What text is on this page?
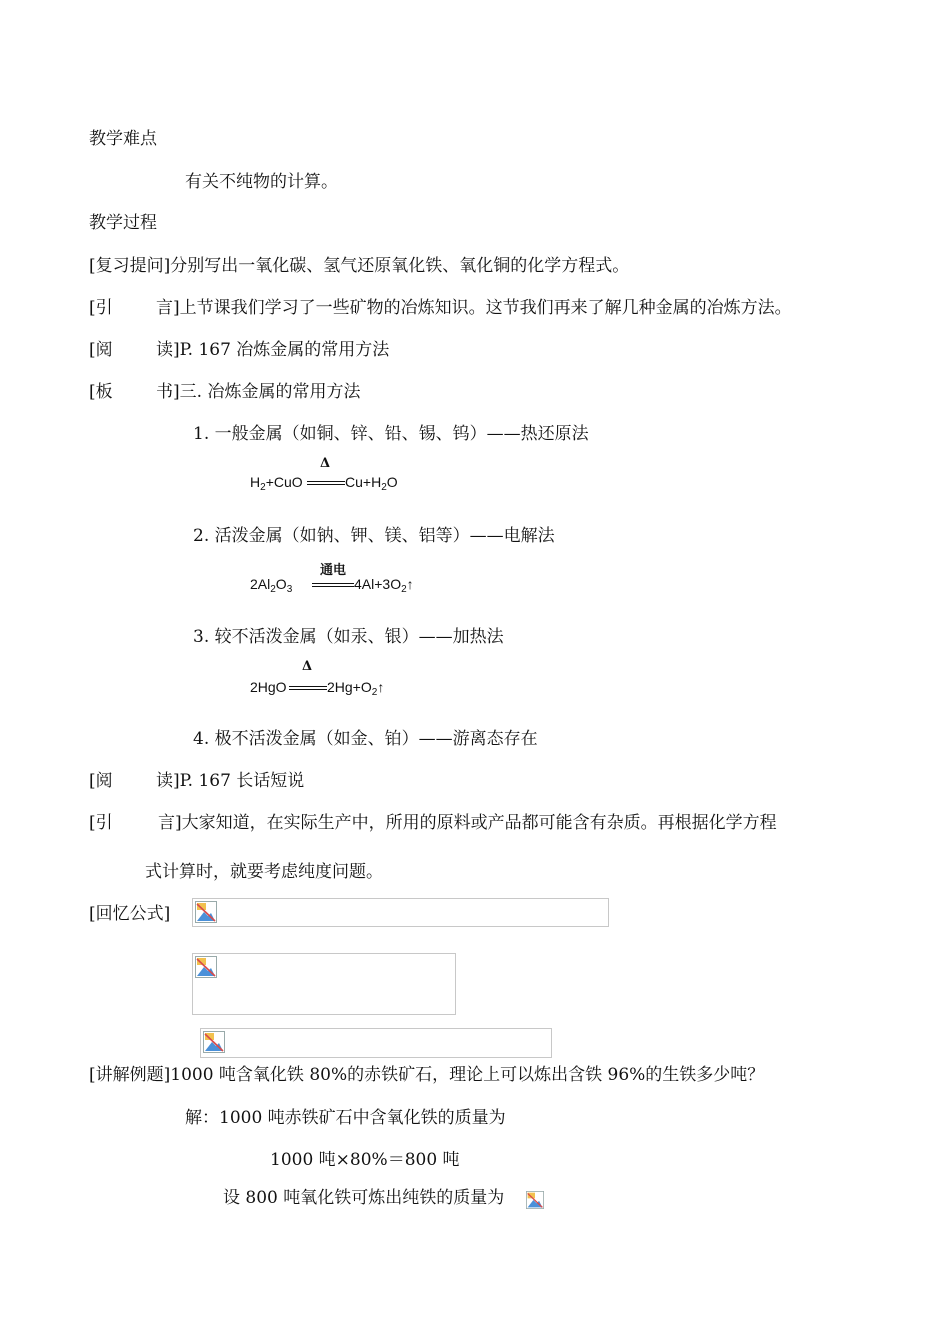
教学难点
有关不纯物的计算。
教学过程
[复习提问]分别写出一氧化碳、氢气还原氧化铁、氧化铜的化学方程式。
[引	言]上节课我们学习了一些矿物的冶炼知识。这节我们再来了解几种金属的冶炼方法。
[阅	读]P. 167 冶炼金属的常用方法
[板	书]三. 冶炼金属的常用方法
1. 一般金属（如铜、锌、铅、锡、钨）——热还原法
$H_2+CuO$
Δ
$Cu+H_2O$
2. 活泼金属（如钠、钾、镁、铝等）——电解法
$2Al_2O_3$
通电
$4Al+3O_2↑$
3. 较不活泼金属（如汞、银）——加热法
2HgO
Δ
$2Hg+O_2↑$
4. 极不活泼金属（如金、铂）——游离态存在
[阅	读]P. 167 长话短说
[引	言]大家知道，在实际生产中，所用的原料或产品都可能含有杂质。再根据化学方程
式计算时，就要考虑纯度问题。
[回忆公式]
[讲解例题]1000 吨含氧化铁 80%的赤铁矿石，理论上可以炼出含铁 96%的生铁多少吨？
解：1000 吨赤铁矿石中含氧化铁的质量为
1000 吨×80%＝800 吨
设 800 吨氧化铁可炼出纯铁的质量为
